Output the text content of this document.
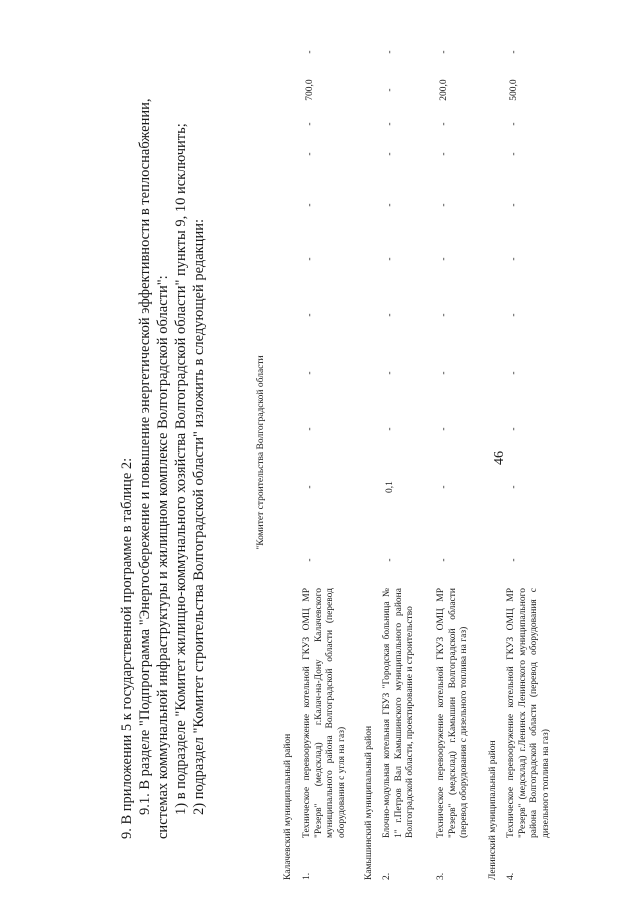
46

9. В приложении 5 к государственной программе в таблице 2: 9.1. В разделе "Подпрограмма "Энергосбережение и повышение энергетической эффективности в теплоснабжении, системах коммунальной инфраструктуры и жилищном комплексе Волгоградской области": 1) в подразделе "Комитет жилищно-коммунального хозяйства Волгоградской области" пункты 9, 10 исключить; 2) подраздел "Комитет строительства Волгоградской области" изложить в следующей редакции:	"Комитет строительства Волгоградской области
Калачевский муниципальный район 1.
Техническое перевооружение котельной ГКУЗ ОМЦ МР "Резерв" (медсклад) г.Калач-на-Дону Калачевского муниципального района Волгоградской области (перевод оборудования с угля на газ)
-
-
-
-
-
-
-
-
-
700,0
-
Камышинский муниципальный район 2.
Блочно-модульная котельная ГБУЗ "Городская больница № 1" г.Петров Вал Камышинского муниципального района Волгоградской области, проектирование и строительство
-
0,1
-
-
-
-
-
-
-
-
-
3.
Техническое перевооружение котельной ГКУЗ ОМЦ МР "Резерв" (медсклад) г.Камышин Волгоградской области (перевод оборудования с дизельного топлива на газ)
-
-
-
-
-
-
-
-
-
200,0
-
Ленинский муниципальный район 4.
Техническое перевооружение котельной ГКУЗ ОМЦ МР "Резерв" (медсклад) г.Ленинск Ленинского муниципального района Волгоградской области (перевод оборудования с дизельного топлива на газ)
-
-
-
-
-
-
-
-
-
500,0
-
